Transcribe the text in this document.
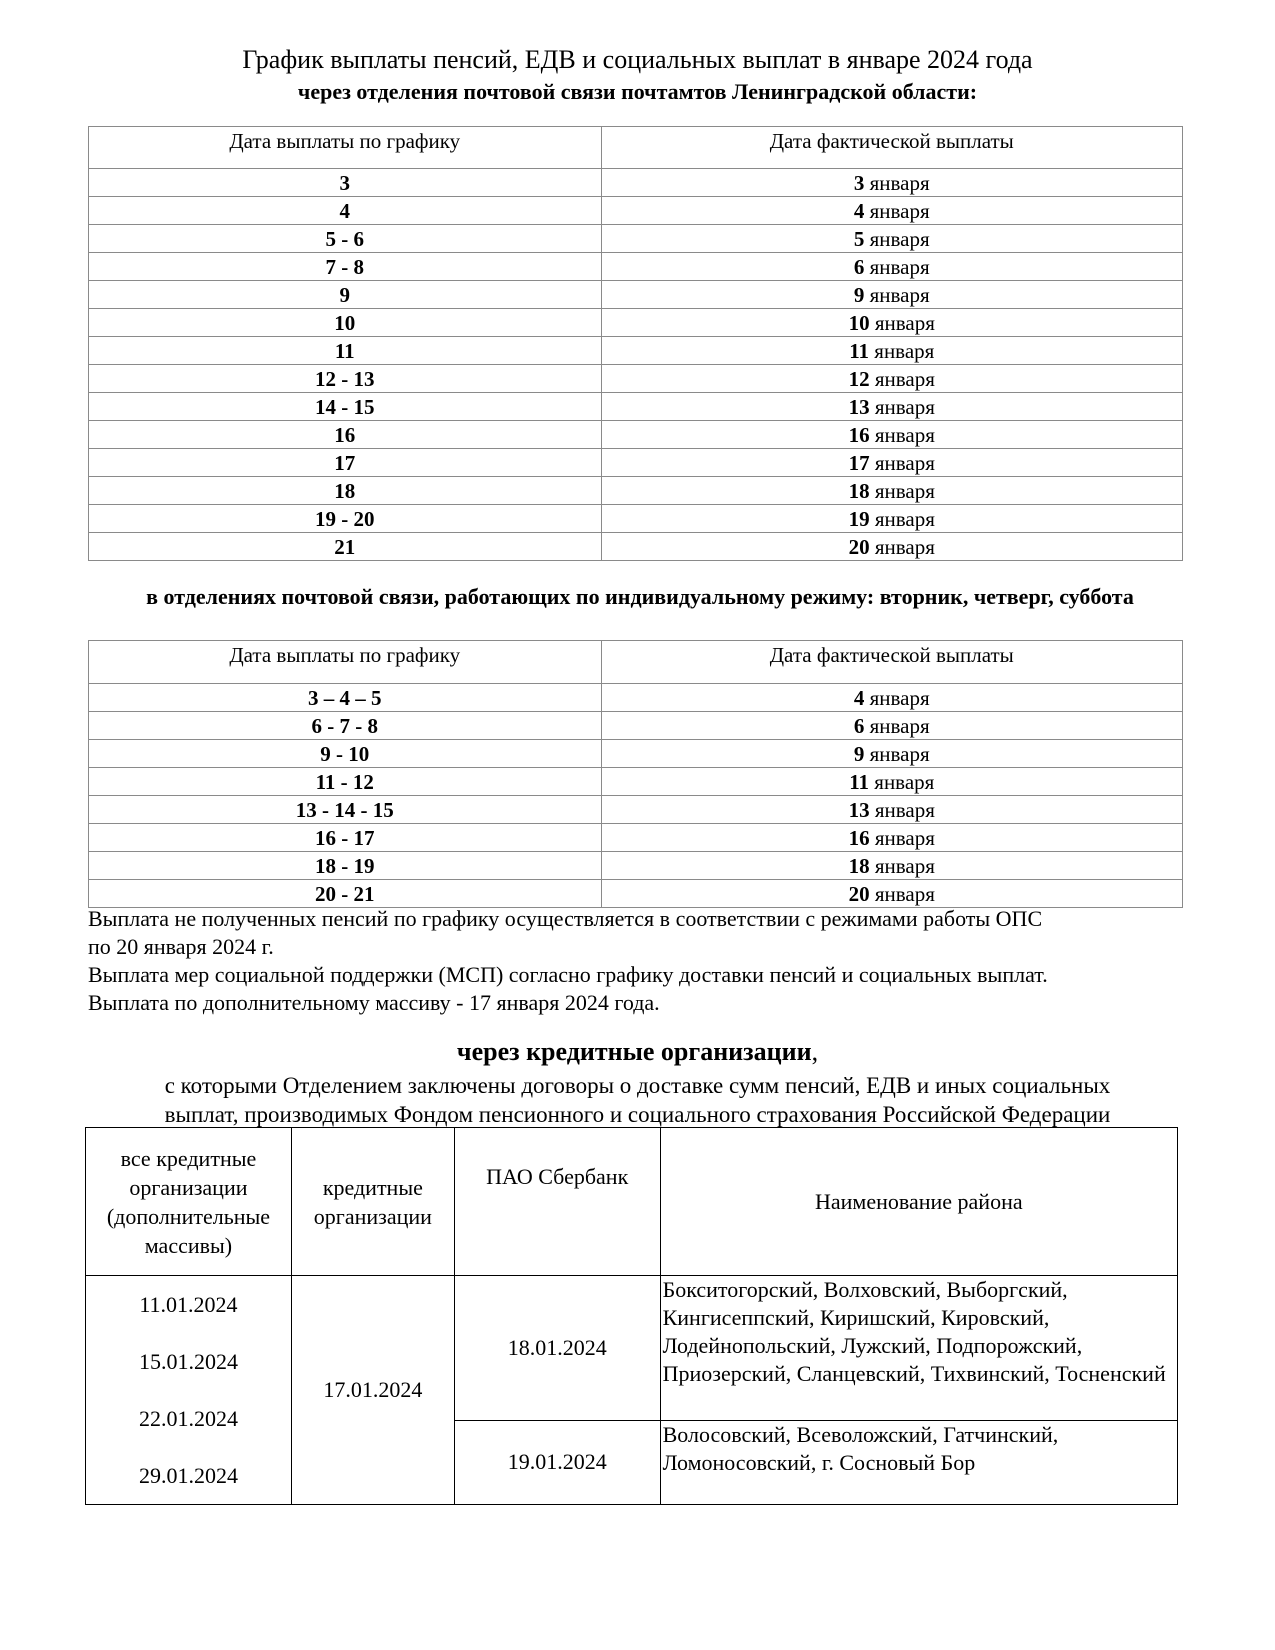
График выплаты пенсий, ЕДВ и социальных выплат в январе 2024 года
через отделения почтовой связи почтамтов Ленинградской области:
Дата выплаты по графику	Дата фактической выплаты
3	3 января
4	4 января
5 - 6	5 января
7 - 8	6 января
9	9 января
10	10 января
11	11 января
12 - 13	12 января
14 - 15	13 января
16	16 января
17	17 января
18	18 января
19 - 20	19 января
21	20 января
в отделениях почтовой связи, работающих по индивидуальному режиму: вторник, четверг, суббота
Дата выплаты по графику	Дата фактической выплаты
3 – 4 – 5	4 января
6 - 7 - 8	6 января
9 - 10	9 января
11 - 12	11 января
13 - 14 - 15	13 января
16 - 17	16 января
18 - 19	18 января
20 - 21	20 января
Выплата не полученных пенсий по графику осуществляется в соответствии с режимами работы ОПС
по 20 января 2024 г.
Выплата мер социальной поддержки (МСП) согласно графику доставки пенсий и социальных выплат.
Выплата по дополнительному массиву - 17 января 2024 года.
через кредитные организации,
с которыми Отделением заключены договоры о доставке сумм пенсий, ЕДВ и иных социальных
выплат, производимых Фондом пенсионного и социального страхования Российской Федерации
все кредитные организации (дополнительные массивы)	кредитные организации	ПАО Сбербанк	Наименование района

11.01.2024
15.01.2024
22.01.2024
29.01.2024	17.01.2024	18.01.2024	Бокситогорский, Волховский, Выборгский, Кингисеппский, Киришский, Кировский, Лодейнопольский, Лужский, Подпорожский, Приозерский, Сланцевский, Тихвинский, Тосненский
		19.01.2024	Волосовский, Всеволожский, Гатчинский, Ломоносовский, г. Сосновый Бор
